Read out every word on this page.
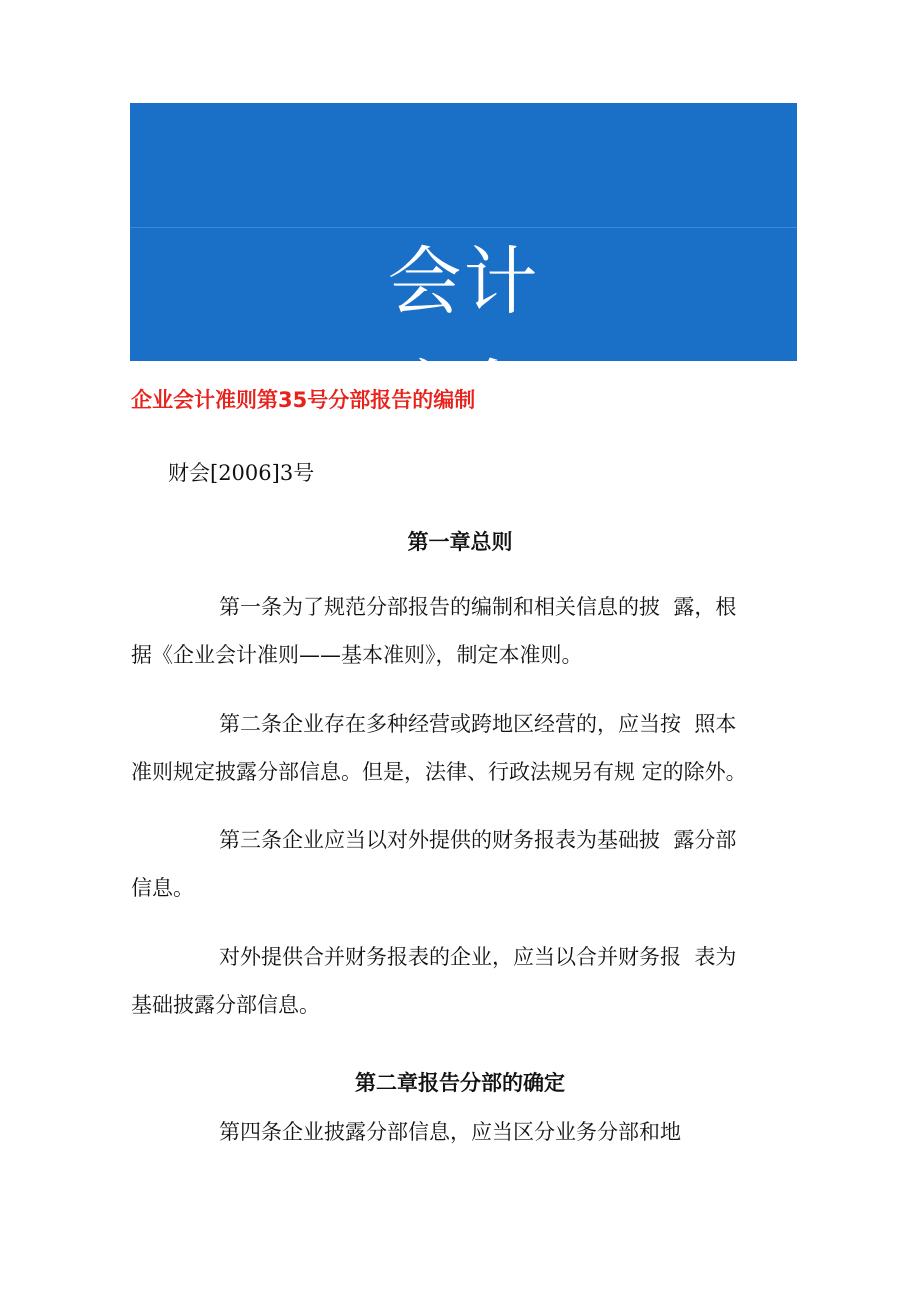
会计
实务
企业会计准则第35号分部报告的编制
财会[2006]3号
第一章总则
第一条为了规范分部报告的编制和相关信息的披  露，根
据《企业会计准则——基本准则》，制定本准则。
第二条企业存在多种经营或跨地区经营的，应当按  照本
准则规定披露分部信息。但是，法律、行政法规另有规 定的除外。
第三条企业应当以对外提供的财务报表为基础披  露分部
信息。
对外提供合并财务报表的企业，应当以合并财务报  表为
基础披露分部信息。
第二章报告分部的确定
第四条企业披露分部信息，应当区分业务分部和地
